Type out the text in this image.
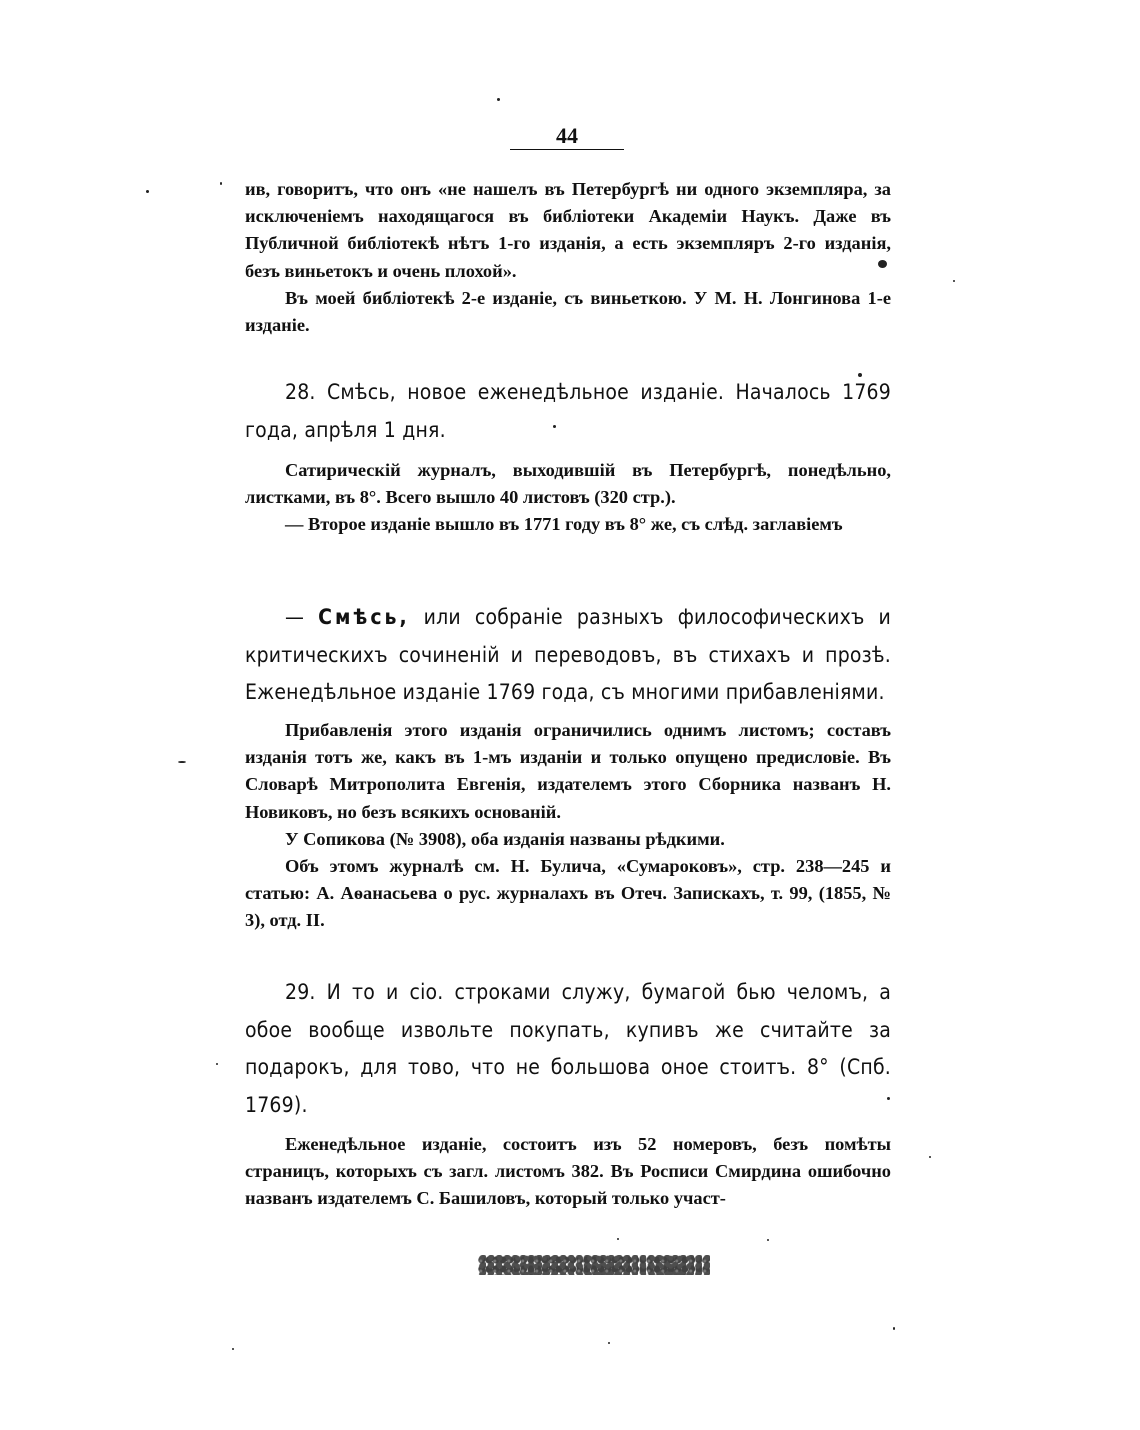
44

ив, говоритъ, что онъ «не нашелъ въ Петербургѣ ни одного экземпляра, за исключеніемъ находящагося въ библіотеки Академіи Наукъ. Даже въ Публичной библіотекѣ нѣтъ 1-го изданія, а есть экземпляръ 2-го изданія, безъ виньетокъ и очень плохой».

Въ моей библіотекѣ 2-е изданіе, съ виньеткою. У М. Н. Лонгинова 1-е изданіе.

28. Смѣсь, новое еженедѣльное изданіе. Началось 1769 года, апрѣля 1 дня.

Сатирическій журналъ, выходившій въ Петербургѣ, понедѣльно, листками, въ 8°. Всего вышло 40 листовъ (320 стр.).

— Второе изданіе вышло въ 1771 году въ 8° же, съ слѣд. заглавіемъ

— Смѣсь, или собраніе разныхъ философическихъ и критическихъ сочиненій и переводовъ, въ стихахъ и прозѣ. Еженедѣльное изданіе 1769 года, съ многими прибавленіями.

Прибавленія этого изданія ограничились однимъ листомъ; составъ изданія тотъ же, какъ въ 1-мъ изданіи и только опущено предисловіе. Въ Словарѣ Митрополита Евгенія, издателемъ этого Сборника названъ Н. Новиковъ, но безъ всякихъ основаній.

У Сопикова (№ 3908), оба изданія названы рѣдкими.

Объ этомъ журналѣ см. Н. Булича, «Сумароковъ», стр. 238—245 и статью: А. Аѳанасьева о рус. журналахъ въ Отеч. Запискахъ, т. 99, (1855, № 3), отд. II.

29. И то и сіо. строками служу, бумагой бью челомъ, а обое вообще извольте покупать, купивъ же считайте за подарокъ, для тово, что не большова оное стоитъ. 8° (Спб. 1769).

Еженедѣльное изданіе, состоитъ изъ 52 номеровъ, безъ помѣты страницъ, которыхъ съ загл. листомъ 382. Въ Росписи Смирдина ошибочно названъ издателемъ С. Башиловъ, который только участ-
